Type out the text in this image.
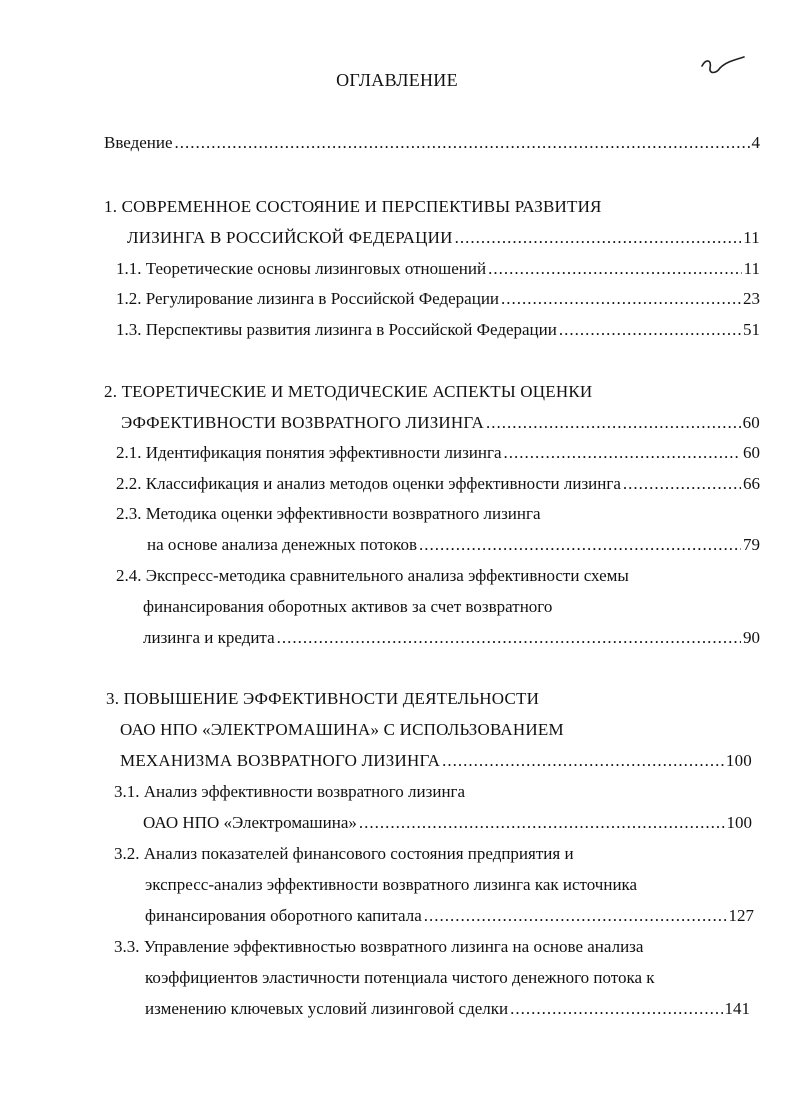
ОГЛАВЛЕНИЕ
Введение .....	4
1. СОВРЕМЕННОЕ СОСТОЯНИЕ И ПЕРСПЕКТИВЫ РАЗВИТИЯ
ЛИЗИНГА В РОССИЙСКОЙ ФЕДЕРАЦИИ .....	11
1.1. Теоретические основы лизинговых отношений .....	11
1.2. Регулирование лизинга в Российской Федерации .....	23
1.3. Перспективы развития лизинга в Российской Федерации .....	51
2. ТЕОРЕТИЧЕСКИЕ И МЕТОДИЧЕСКИЕ АСПЕКТЫ ОЦЕНКИ
ЭФФЕКТИВНОСТИ ВОЗВРАТНОГО ЛИЗИНГА .....	60
2.1. Идентификация понятия эффективности лизинга .....	60
2.2. Классификация и анализ методов оценки эффективности лизинга .....	66
2.3. Методика оценки эффективности возвратного лизинга
на основе анализа денежных потоков .....	79
2.4. Экспресс-методика сравнительного анализа эффективности схемы
финансирования оборотных активов за счет возвратного
лизинга и кредита .....	90
3. ПОВЫШЕНИЕ ЭФФЕКТИВНОСТИ ДЕЯТЕЛЬНОСТИ
ОАО НПО «ЭЛЕКТРОМАШИНА» С ИСПОЛЬЗОВАНИЕМ
МЕХАНИЗМА ВОЗВРАТНОГО ЛИЗИНГА .....	100
3.1. Анализ эффективности возвратного лизинга
ОАО НПО «Электромашина» .....	100
3.2. Анализ показателей финансового состояния предприятия и
экспресс-анализ эффективности возвратного лизинга как источника
финансирования оборотного капитала .....	127
3.3. Управление эффективностью возвратного лизинга на основе анализа
коэффициентов эластичности потенциала чистого денежного потока к
изменению ключевых условий лизинговой сделки .....	141
